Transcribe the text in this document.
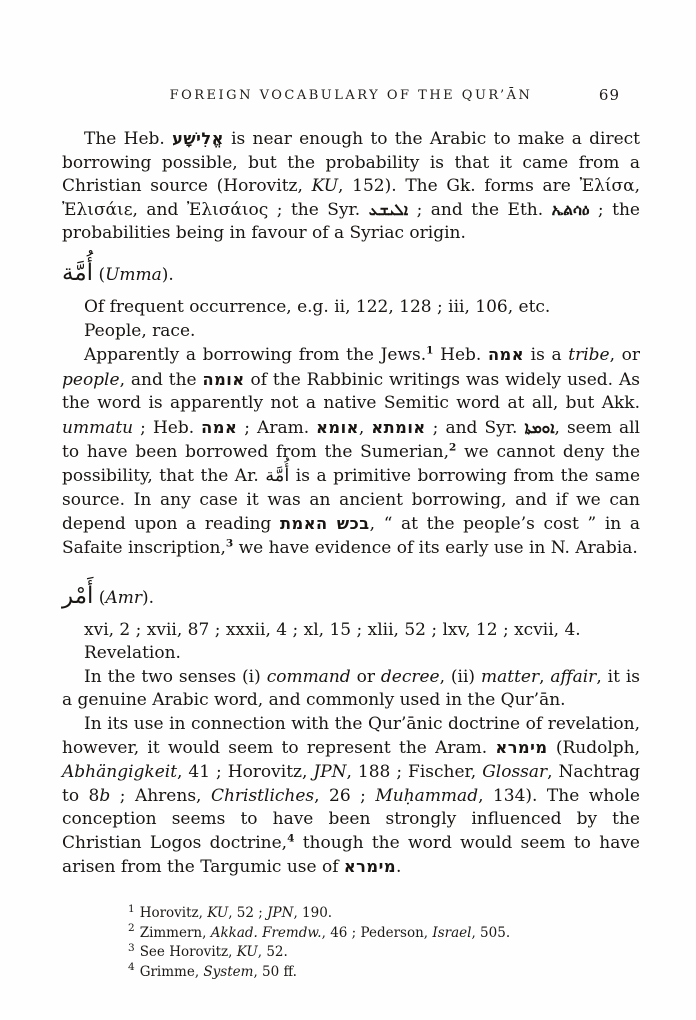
FOREIGN VOCABULARY OF THE QUR’ĀN	69

The Heb. אֱלִישָׁע is near enough to the Arabic to make a direct borrowing possible, but the probability is that it came from a Christian source (Horovitz, KU, 152). The Gk. forms are Ἐλίσα, Ἐλισάιε, and Ἐλισάιος ; the Syr. ܐܠܝܫܥ ; and the Eth. ኤልሳዕ ; the probabilities being in favour of a Syriac origin.

أُمَّة (Umma).

Of frequent occurrence, e.g. ii, 122, 128 ; iii, 106, etc.

People, race.

Apparently a borrowing from the Jews.$^1$ Heb. אמה is a tribe, or people, and the אומה of the Rabbinic writings was widely used. As the word is apparently not a native Semitic word at all, but Akk. ummatu ; Heb. אמה ; Aram. אומא, אומתא ; and Syr. ܐܘܡܬܐ, seem all to have been borrowed from the Sumerian,$^2$ we cannot deny the possibility, that the Ar. أُمَّة is a primitive borrowing from the same source. In any case it was an ancient borrowing, and if we can depend upon a reading בכש האמת, “ at the people’s cost ” in a Safaite inscription,$^3$ we have evidence of its early use in N. Arabia.

أَمْر (Amr).

xvi, 2 ; xvii, 87 ; xxxii, 4 ; xl, 15 ; xlii, 52 ; lxv, 12 ; xcvii, 4.

Revelation.

In the two senses (i) command or decree, (ii) matter, affair, it is a genuine Arabic word, and commonly used in the Qur’ān.

In its use in connection with the Qur’ānic doctrine of revelation, however, it would seem to represent the Aram. מימרא (Rudolph, Abhängigkeit, 41 ; Horovitz, JPN, 188 ; Fischer, Glossar, Nachtrag to 8b ; Ahrens, Christliches, 26 ; Muḥammad, 134). The whole conception seems to have been strongly influenced by the Christian Logos doctrine,$^4$ though the word would seem to have arisen from the Targumic use of מימרא.

$^1$ Horovitz, KU, 52 ; JPN, 190.
$^2$ Zimmern, Akkad. Fremdw., 46 ; Pederson, Israel, 505.
$^3$ See Horovitz, KU, 52.
$^4$ Grimme, System, 50 ff.
